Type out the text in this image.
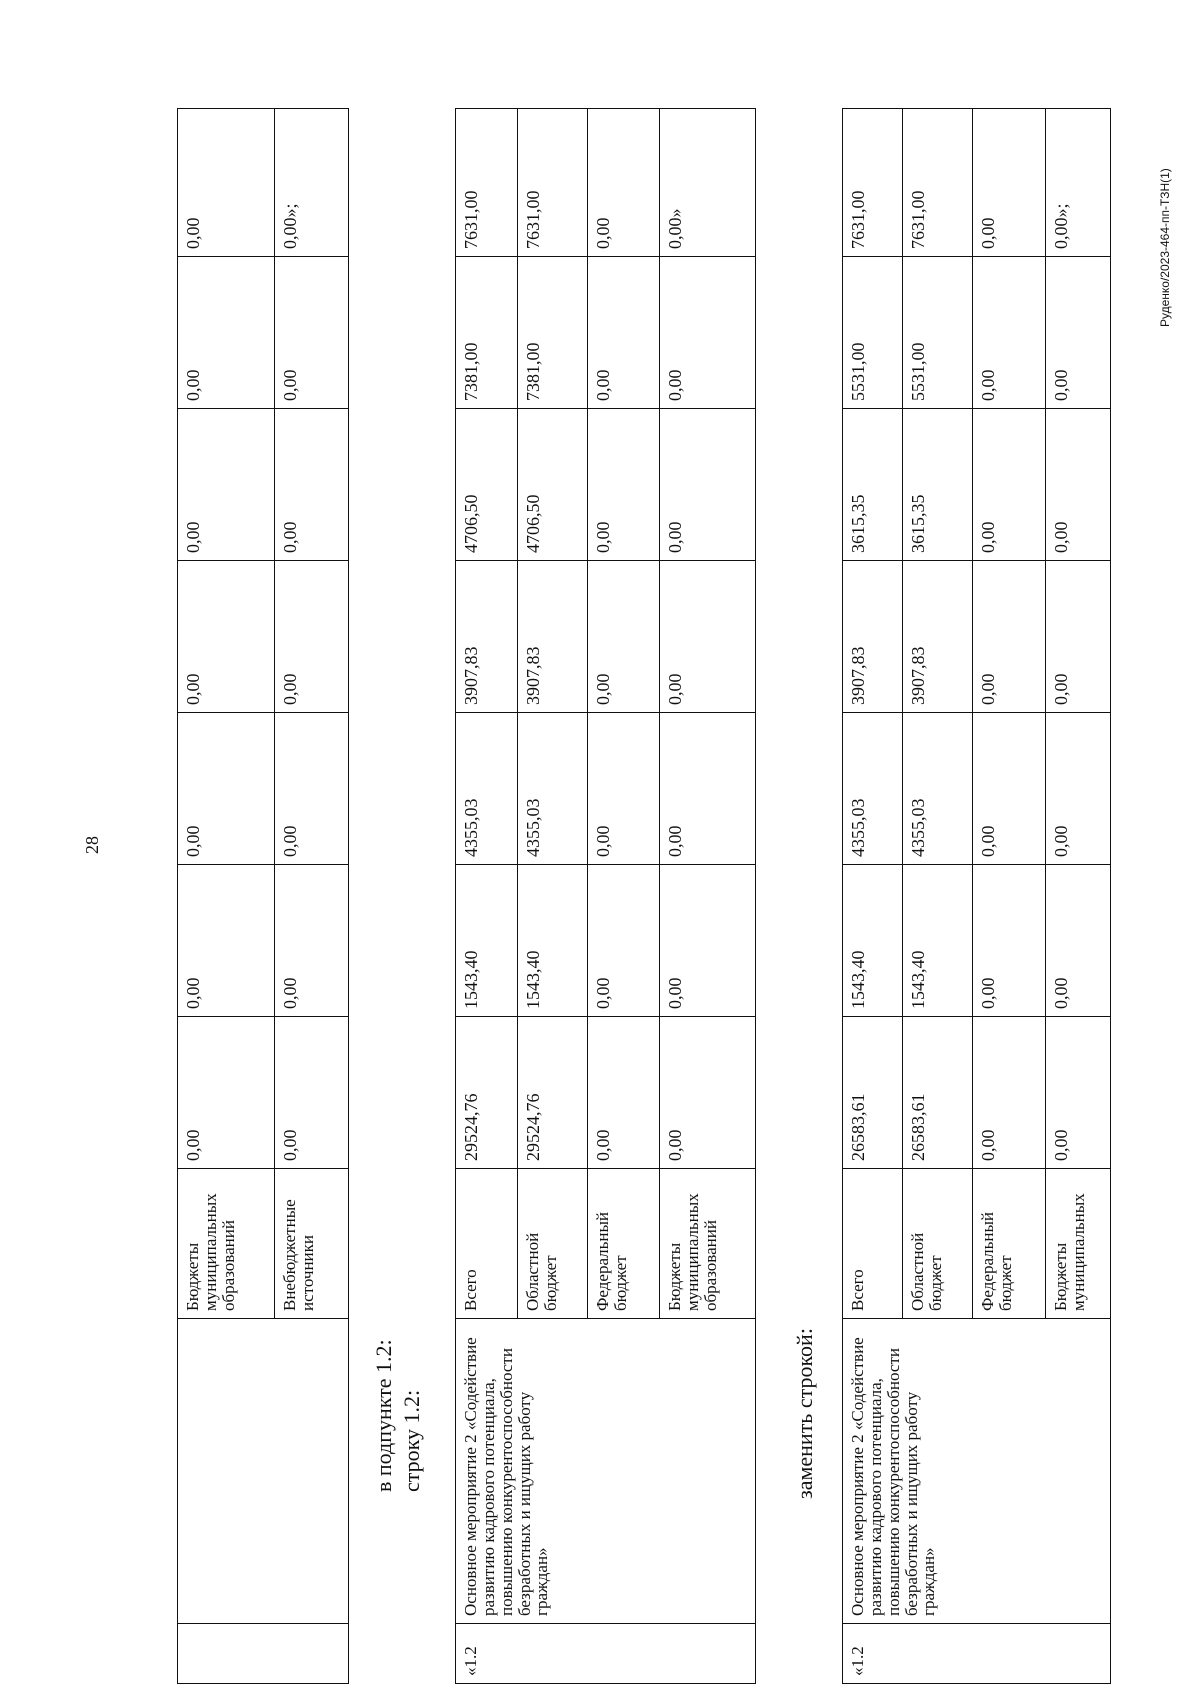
28
		Бюджеты муниципальных образований	0,00	0,00	0,00	0,00	0,00	0,00	0,00
		Внебюджетные источники	0,00	0,00	0,00	0,00	0,00	0,00	0,00»;
в подпункте 1.2: строку 1.2:
«1.2	Основное мероприятие 2 «Содействие развитию кадрового потенциала, повышению конкурентоспособности безработных и ищущих работу граждан»	Всего	29524,76	1543,40	4355,03	3907,83	4706,50	7381,00	7631,00
		Областной бюджет	29524,76	1543,40	4355,03	3907,83	4706,50	7381,00	7631,00
		Федеральный бюджет	0,00	0,00	0,00	0,00	0,00	0,00	0,00
		Бюджеты муниципальных образований	0,00	0,00	0,00	0,00	0,00	0,00	0,00»
заменить строкой:
«1.2	Основное мероприятие 2 «Содействие развитию кадрового потенциала, повышению конкурентоспособности безработных и ищущих работу граждан»	Всего	26583,61	1543,40	4355,03	3907,83	3615,35	5531,00	7631,00
		Областной бюджет	26583,61	1543,40	4355,03	3907,83	3615,35	5531,00	7631,00
		Федеральный бюджет	0,00	0,00	0,00	0,00	0,00	0,00	0,00
		Бюджеты муниципальных	0,00	0,00	0,00	0,00	0,00	0,00	0,00»;	Руденко/2023-464-пп-ТЗН(1)
